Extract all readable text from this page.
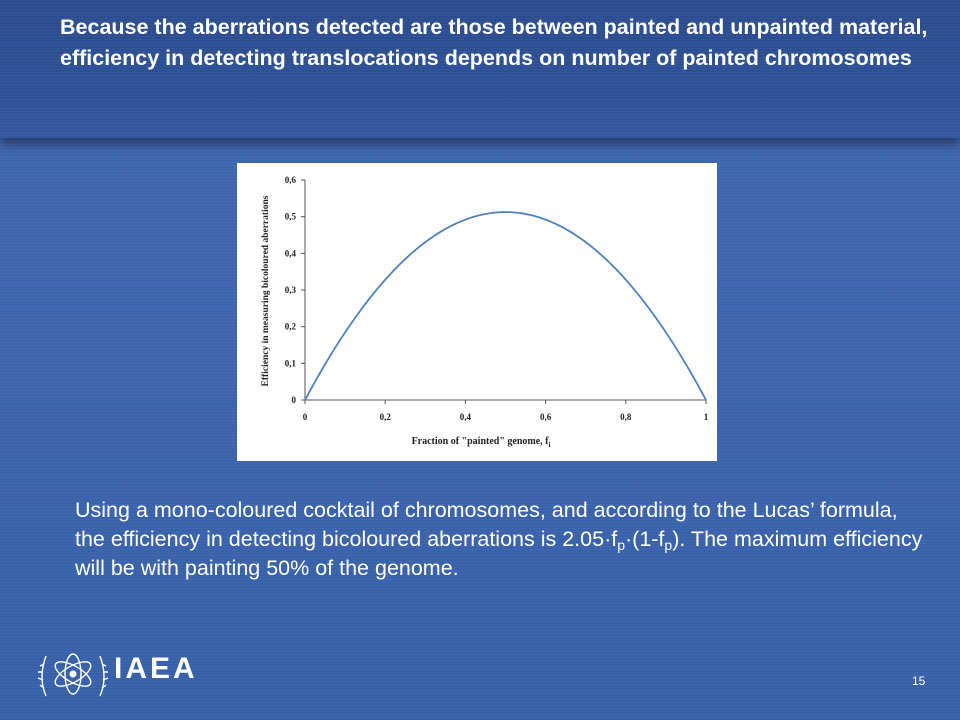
Because the aberrations detected are those between painted and unpainted material, efficiency in detecting translocations depends on number of painted chromosomes
0	0,2	0,4	0,6	0,8	1
0
0,1
0,2
0,3
0,4
0,5
0,6
Efficiency in measuring bicoloured aberrations
Fraction of "painted" genome, $f_i$
Using a mono-coloured cocktail of chromosomes, and according to the Lucas’ formula, the efficiency in detecting bicoloured aberrations is $2.05\cdot f_p\cdot(1-f_p)$. The maximum efficiency will be with painting 50% of the genome.
IAEA	15
